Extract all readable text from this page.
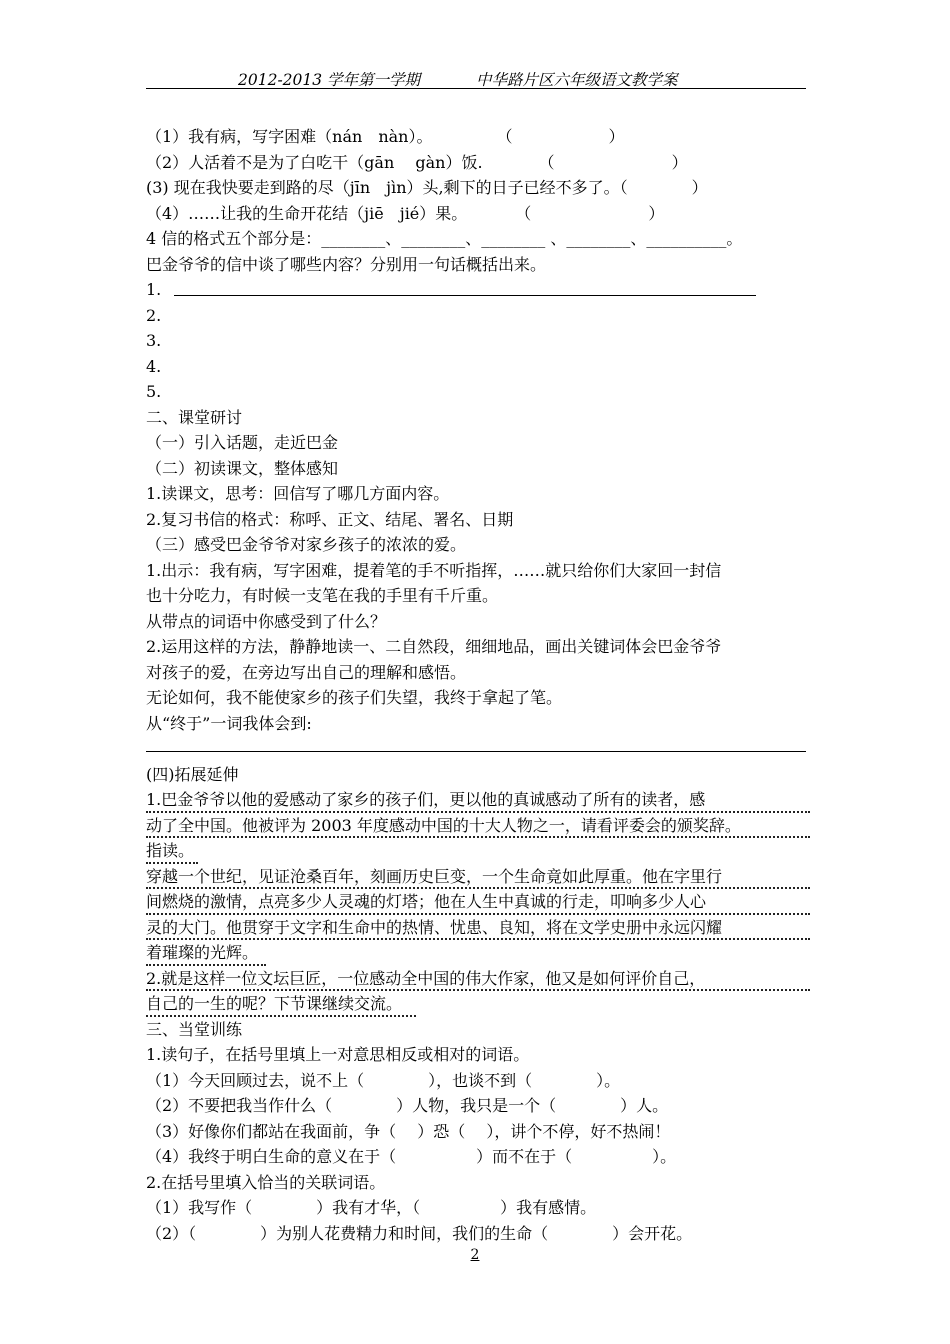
2012-2013 学年第一学期	中华路片区六年级语文教学案
（1）我有病，写字困难（nán　nàn）。　　　　　（　　　　　　）
（2）人活着不是为了白吃干（gān　 gàn）饭.　　　　（　　　　　　　 ）
(3) 现在我快要走到路的尽（jīn　jìn）头,剩下的日子已经不多了。（　　　　）
（4）……让我的生命开花结（jiē　jié）果。　　　　（　　　　　　　 ）
4 信的格式五个部分是：________、________、________ 、________、__________。
巴金爷爷的信中谈了哪些内容？分别用一句话概括出来。
1.
2.
3.
4.
5.
二、课堂研讨
（一）引入话题，走近巴金
（二）初读课文，整体感知
1.读课文，思考：回信写了哪几方面内容。
2.复习书信的格式：称呼、正文、结尾、署名、日期
（三）感受巴金爷爷对家乡孩子的浓浓的爱。
1.出示：我有病，写字困难，提着笔的手不听指挥，……就只给你们大家回一封信
也十分吃力，有时候一支笔在我的手里有千斤重。
从带点的词语中你感受到了什么？
2.运用这样的方法，静静地读一、二自然段，细细地品，画出关键词体会巴金爷爷
对孩子的爱，在旁边写出自己的理解和感悟。
无论如何，我不能使家乡的孩子们失望，我终于拿起了笔。
从“终于”一词我体会到:
(四)拓展延伸
1.巴金爷爷以他的爱感动了家乡的孩子们，更以他的真诚感动了所有的读者，感
动了全中国。他被评为 2003 年度感动中国的十大人物之一，请看评委会的颁奖辞。
指读。
穿越一个世纪，见证沧桑百年，刻画历史巨变，一个生命竟如此厚重。他在字里行
间燃烧的激情，点亮多少人灵魂的灯塔；他在人生中真诚的行走，叩响多少人心
灵的大门。他贯穿于文字和生命中的热情、忧患、良知，将在文学史册中永远闪耀
着璀璨的光辉。
2.就是这样一位文坛巨匠，一位感动全中国的伟大作家，他又是如何评价自己，
自己的一生的呢？下节课继续交流。
三、当堂训练
1.读句子，在括号里填上一对意思相反或相对的词语。
（1）今天回顾过去，说不上（　　　　），也谈不到（　　　　）。
（2）不要把我当作什么（　　　　）人物，我只是一个（　　　　）人。
（3）好像你们都站在我面前，争（　 ）恐（　 ），讲个不停，好不热闹！
（4）我终于明白生命的意义在于（　　　　　）而不在于（　　　　　）。
2.在括号里填入恰当的关联词语。
（1）我写作（　　　　）我有才华，（　　　　　）我有感情。
（2）（　　　　）为别人花费精力和时间，我们的生命（　　　　）会开花。
2
